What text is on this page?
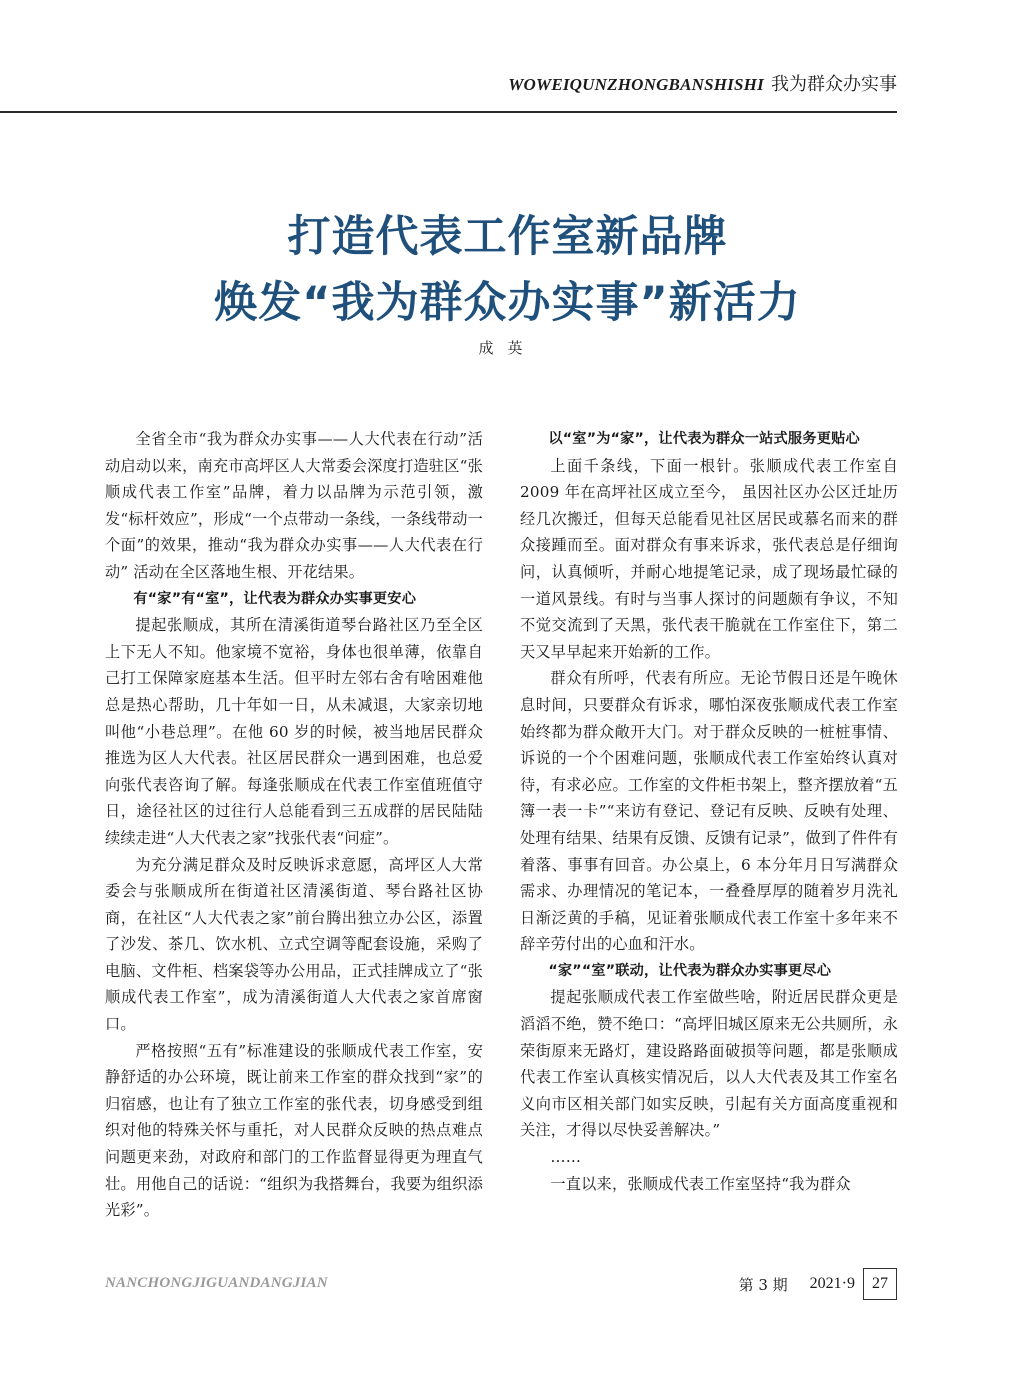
WOWEIQUNZHONGBANSHISHI 我为群众办实事
打造代表工作室新品牌
焕发“我为群众办实事”新活力
成英

全省全市“我为群众办实事——人大代表在行动”活动启动以来，南充市高坪区人大常委会深度打造驻区“张顺成代表工作室”品牌，着力以品牌为示范引领，激发“标杆效应”，形成“一个点带动一条线，一条线带动一个面”的效果，推动“我为群众办实事——人大代表在行动” 活动在全区落地生根、开花结果。

有“家”有“室”，让代表为群众办实事更安心

提起张顺成，其所在清溪街道琴台路社区乃至全区上下无人不知。他家境不宽裕，身体也很单薄，依靠自己打工保障家庭基本生活。但平时左邻右舍有啥困难他总是热心帮助，几十年如一日，从未减退，大家亲切地叫他“小巷总理”。在他 60 岁的时候，被当地居民群众推选为区人大代表。社区居民群众一遇到困难，也总爱向张代表咨询了解。每逢张顺成在代表工作室值班值守日，途径社区的过往行人总能看到三五成群的居民陆陆续续走进“人大代表之家”找张代表“问症”。

为充分满足群众及时反映诉求意愿，高坪区人大常委会与张顺成所在街道社区清溪街道、琴台路社区协商，在社区“人大代表之家”前台腾出独立办公区，添置了沙发、茶几、饮水机、立式空调等配套设施，采购了电脑、文件柜、档案袋等办公用品，正式挂牌成立了“张顺成代表工作室”，成为清溪街道人大代表之家首席窗口。

严格按照“五有”标准建设的张顺成代表工作室，安静舒适的办公环境，既让前来工作室的群众找到“家”的归宿感，也让有了独立工作室的张代表，切身感受到组织对他的特殊关怀与重托，对人民群众反映的热点难点问题更来劲，对政府和部门的工作监督显得更为理直气壮。用他自己的话说：“组织为我搭舞台，我要为组织添光彩”。

以“室”为“家”，让代表为群众一站式服务更贴心

上面千条线，下面一根针。张顺成代表工作室自 2009 年在高坪社区成立至今， 虽因社区办公区迁址历经几次搬迁，但每天总能看见社区居民或慕名而来的群众接踵而至。面对群众有事来诉求，张代表总是仔细询问，认真倾听，并耐心地提笔记录，成了现场最忙碌的一道风景线。有时与当事人探讨的问题颇有争议，不知不觉交流到了天黑，张代表干脆就在工作室住下，第二天又早早起来开始新的工作。

群众有所呼，代表有所应。无论节假日还是午晚休息时间，只要群众有诉求，哪怕深夜张顺成代表工作室始终都为群众敞开大门。对于群众反映的一桩桩事情、诉说的一个个困难问题，张顺成代表工作室始终认真对待，有求必应。工作室的文件柜书架上，整齐摆放着“五簿一表一卡”“来访有登记、登记有反映、反映有处理、处理有结果、结果有反馈、反馈有记录”，做到了件件有着落、事事有回音。办公桌上，6 本分年月日写满群众需求、办理情况的笔记本，一叠叠厚厚的随着岁月洗礼日渐泛黄的手稿，见证着张顺成代表工作室十多年来不辞辛劳付出的心血和汗水。

“家”“室”联动，让代表为群众办实事更尽心

提起张顺成代表工作室做些啥，附近居民群众更是滔滔不绝，赞不绝口：“高坪旧城区原来无公共厕所，永荣街原来无路灯，建设路路面破损等问题，都是张顺成代表工作室认真核实情况后，以人大代表及其工作室名义向市区相关部门如实反映，引起有关方面高度重视和关注，才得以尽快妥善解决。”

……

一直以来，张顺成代表工作室坚持“我为群众

NANCHONGJIGUANDANGJIAN	第 3 期 2021·9	27
